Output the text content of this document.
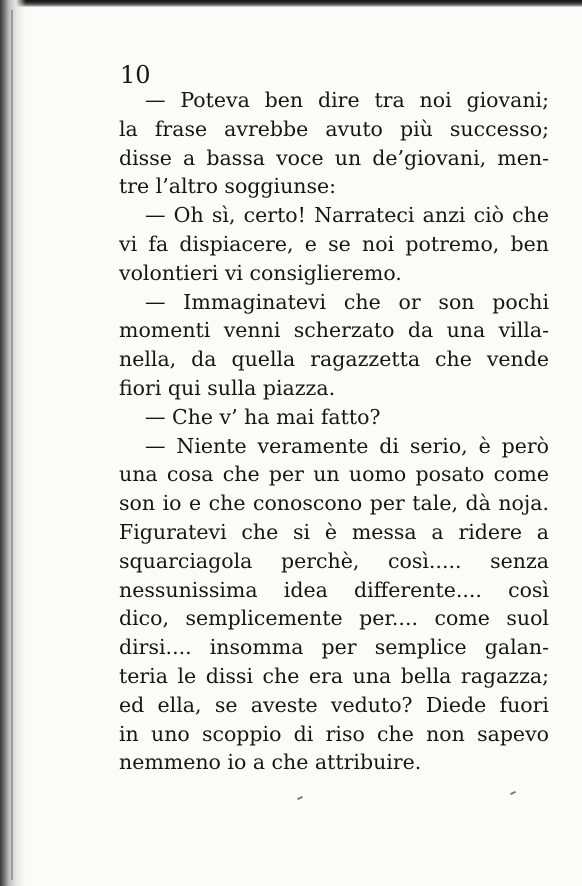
10
— Poteva ben dire tra noi giovani;
la frase avrebbe avuto più successo;
disse a bassa voce un de’giovani, men-
tre l’altro soggiunse:
— Oh sì, certo! Narrateci anzi ciò che
vi fa dispiacere, e se noi potremo, ben
volontieri vi consiglieremo.
— Immaginatevi che or son pochi
momenti venni scherzato da una villa-
nella, da quella ragazzetta che vende
fiori qui sulla piazza.
— Che v’ ha mai fatto?
— Niente veramente di serio, è però
una cosa che per un uomo posato come
son io e che conoscono per tale, dà noja.
Figuratevi che si è messa a ridere a
squarciagola perchè, così..... senza
nessunissima idea differente.... così
dico, semplicemente per.... come suol
dirsi.... insomma per semplice galan-
teria le dissi che era una bella ragazza;
ed ella, se aveste veduto? Diede fuori
in uno scoppio di riso che non sapevo
nemmeno io a che attribuire.
